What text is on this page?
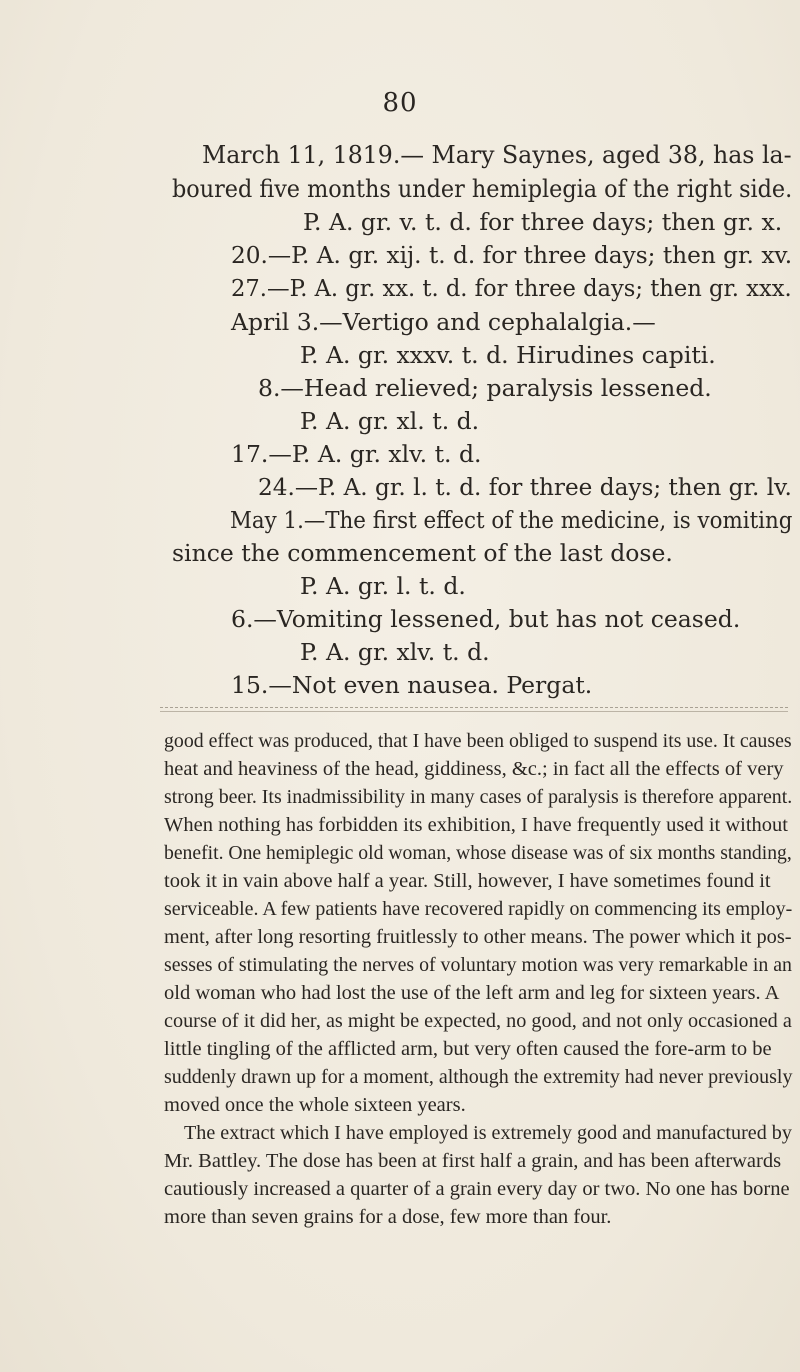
80
March 11, 1819.— Mary Saynes, aged 38, has la-
boured five months under hemiplegia of the right side.
P. A. gr. v. t. d. for three days; then gr. x.
20.—P. A. gr. xij. t. d. for three days; then gr. xv.
27.—P. A. gr. xx. t. d. for three days; then gr. xxx.
April 3.—Vertigo and cephalalgia.—
P. A. gr. xxxv. t. d. Hirudines capiti.
8.—Head relieved; paralysis lessened.
P. A. gr. xl. t. d.
17.—P. A. gr. xlv. t. d.
24.—P. A. gr. l. t. d. for three days; then gr. lv.
May 1.—The first effect of the medicine, is vomiting
since the commencement of the last dose.
P. A. gr. l. t. d.
6.—Vomiting lessened, but has not ceased.
P. A. gr. xlv. t. d.
15.—Not even nausea. Pergat.
good effect was produced, that I have been obliged to suspend its use. It causes
heat and heaviness of the head, giddiness, &c.; in fact all the effects of very
strong beer. Its inadmissibility in many cases of paralysis is therefore apparent.
When nothing has forbidden its exhibition, I have frequently used it without
benefit. One hemiplegic old woman, whose disease was of six months standing,
took it in vain above half a year. Still, however, I have sometimes found it
serviceable. A few patients have recovered rapidly on commencing its employ-
ment, after long resorting fruitlessly to other means. The power which it pos-
sesses of stimulating the nerves of voluntary motion was very remarkable in an
old woman who had lost the use of the left arm and leg for sixteen years. A
course of it did her, as might be expected, no good, and not only occasioned a
little tingling of the afflicted arm, but very often caused the fore-arm to be
suddenly drawn up for a moment, although the extremity had never previously
moved once the whole sixteen years.
The extract which I have employed is extremely good and manufactured by
Mr. Battley. The dose has been at first half a grain, and has been afterwards
cautiously increased a quarter of a grain every day or two. No one has borne
more than seven grains for a dose, few more than four.
